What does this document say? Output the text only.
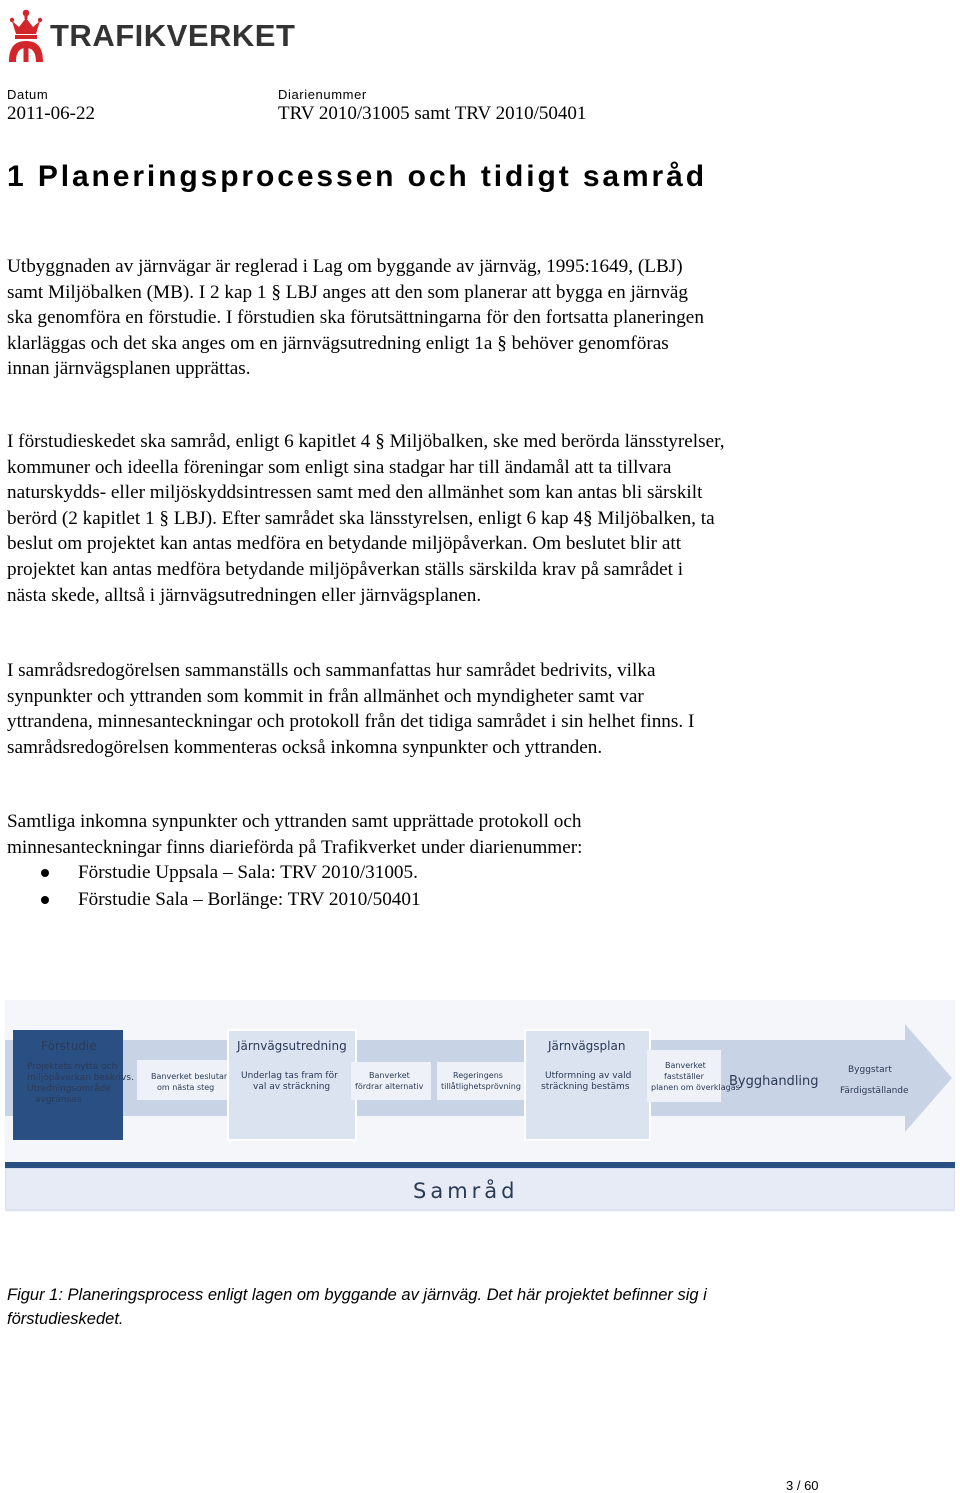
TRAFIKVERKET
Datum
2011-06-22
Diarienummer
TRV 2010/31005 samt TRV 2010/50401
1 Planeringsprocessen och tidigt samråd

Utbyggnaden av järnvägar är reglerad i Lag om byggande av järnväg, 1995:1649, (LBJ) samt Miljöbalken (MB). I 2 kap 1 § LBJ anges att den som planerar att bygga en järnväg ska genomföra en förstudie. I förstudien ska förutsättningarna för den fortsatta planeringen klarläggas och det ska anges om en järnvägsutredning enligt 1a § behöver genomföras innan järnvägsplanen upprättas.

I förstudieskedet ska samråd, enligt 6 kapitlet 4 § Miljöbalken, ske med berörda länsstyrelser, kommuner och ideella föreningar som enligt sina stadgar har till ändamål att ta tillvara naturskydds- eller miljöskyddsintressen samt med den allmänhet som kan antas bli särskilt berörd (2 kapitlet 1 § LBJ). Efter samrådet ska länsstyrelsen, enligt 6 kap 4§ Miljöbalken, ta beslut om projektet kan antas medföra en betydande miljöpåverkan. Om beslutet blir att projektet kan antas medföra betydande miljöpåverkan ställs särskilda krav på samrådet i nästa skede, alltså i järnvägsutredningen eller järnvägsplanen.

I samrådsredogörelsen sammanställs och sammanfattas hur samrådet bedrivits, vilka synpunkter och yttranden som kommit in från allmänhet och myndigheter samt var yttrandena, minnesanteckningar och protokoll från det tidiga samrådet i sin helhet finns. I samrådsredogörelsen kommenteras också inkomna synpunkter och yttranden.

Samtliga inkomna synpunkter och yttranden samt upprättade protokoll och minnesanteckningar finns diarieförda på Trafikverket under diarienummer:

Förstudie Uppsala – Sala: TRV 2010/31005.
Förstudie Sala – Borlänge: TRV 2010/50401
Förstudie
Projektets nytta och
miljöpåverkan beskrivs.
Utredningsområde
avgränsas
Banverket beslutar
om nästa steg
Järnvägsutredning
Underlag tas fram för
val av sträckning
Banverket
fördrar alternativ
Regeringens
tillåtlighetsprövning
Järnvägsplan
Utformning av vald
sträckning bestäms
Banverket
fastställer
planen om överklagas
Bygghandling
Byggstart
Färdigställande
Samråd

Figur 1: Planeringsprocess enligt lagen om byggande av järnväg. Det här projektet befinner sig i förstudieskedet.

3 / 60
